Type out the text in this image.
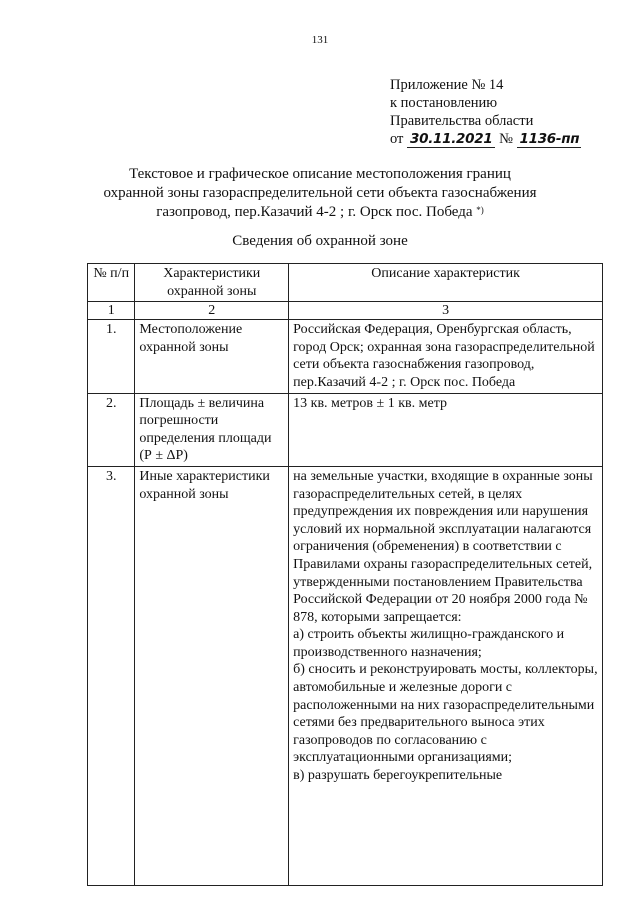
131
Приложение № 14
к постановлению
Правительства области
от 30.11.2021 № 1136-пп
Текстовое и графическое описание местоположения границ
охранной зоны газораспределительной сети объекта газоснабжения
газопровод, пер.Казачий 4-2 ; г. Орск пос. Победа *)
Сведения об охранной зоне
№ п/п	Характеристики охранной зоны	Описание характеристик
1	2	3
1.	Местоположение охранной зоны	Российская Федерация, Оренбургская область, город Орск; охранная зона газораспределительной сети объекта газоснабжения газопровод, пер.Казачий 4-2 ; г. Орск пос. Победа
2.	Площадь ± величина погрешности определения площади (Р ± ΔР)	13 кв. метров ± 1 кв. метр
3.	Иные характеристики охранной зоны	на земельные участки, входящие в охранные зоны газораспределительных сетей, в целях предупреждения их повреждения или нарушения условий их нормальной эксплуатации налагаются ограничения (обременения) в соответствии с Правилами охраны газораспределительных сетей, утвержденными постановлением Правительства Российской Федерации от 20 ноября 2000 года № 878, которыми запрещается:

а) строить объекты жилищно-гражданского и производственного назначения;

б) сносить и реконструировать мосты, коллекторы, автомобильные и железные дороги с расположенными на них газораспределительными сетями без предварительного выноса этих газопроводов по согласованию с эксплуатационными организациями;

в) разрушать берегоукрепительные
